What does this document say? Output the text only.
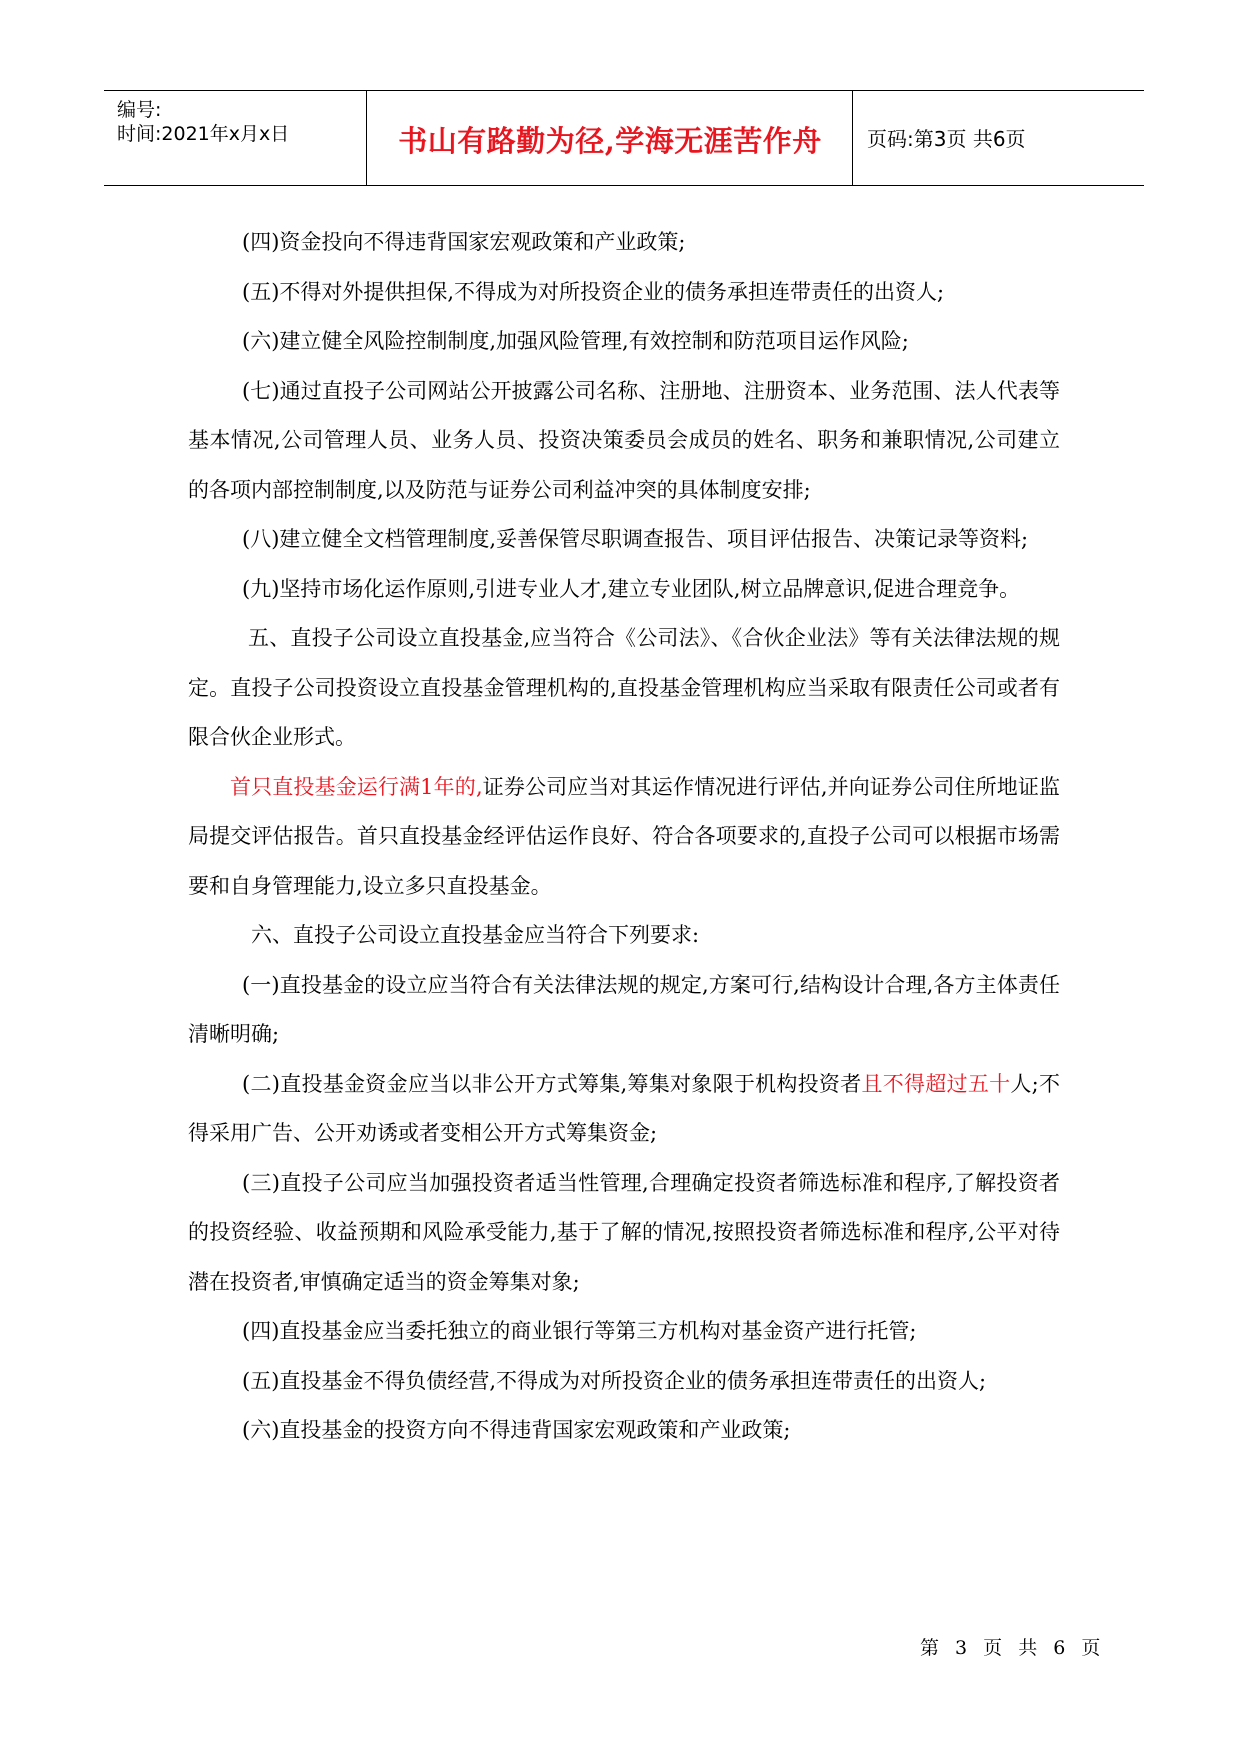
编号:
时间:2021年x月x日	书山有路勤为径,学海无涯苦作舟	页码:第3页 共6页

(四)资金投向不得违背国家宏观政策和产业政策;

(五)不得对外提供担保,不得成为对所投资企业的债务承担连带责任的出资人;

(六)建立健全风险控制制度,加强风险管理,有效控制和防范项目运作风险;

(七)通过直投子公司网站公开披露公司名称、注册地、注册资本、业务范围、法人代表等基本情况,公司管理人员、业务人员、投资决策委员会成员的姓名、职务和兼职情况,公司建立的各项内部控制制度,以及防范与证券公司利益冲突的具体制度安排;

(八)建立健全文档管理制度,妥善保管尽职调查报告、项目评估报告、决策记录等资料;

(九)坚持市场化运作原则,引进专业人才,建立专业团队,树立品牌意识,促进合理竞争。

五、直投子公司设立直投基金,应当符合《公司法》、《合伙企业法》等有关法律法规的规定。直投子公司投资设立直投基金管理机构的,直投基金管理机构应当采取有限责任公司或者有限合伙企业形式。

首只直投基金运行满1年的,证券公司应当对其运作情况进行评估,并向证券公司住所地证监局提交评估报告。首只直投基金经评估运作良好、符合各项要求的,直投子公司可以根据市场需要和自身管理能力,设立多只直投基金。

六、直投子公司设立直投基金应当符合下列要求:

(一)直投基金的设立应当符合有关法律法规的规定,方案可行,结构设计合理,各方主体责任清晰明确;

(二)直投基金资金应当以非公开方式筹集,筹集对象限于机构投资者且不得超过五十人;不得采用广告、公开劝诱或者变相公开方式筹集资金;

(三)直投子公司应当加强投资者适当性管理,合理确定投资者筛选标准和程序,了解投资者的投资经验、收益预期和风险承受能力,基于了解的情况,按照投资者筛选标准和程序,公平对待潜在投资者,审慎确定适当的资金筹集对象;

(四)直投基金应当委托独立的商业银行等第三方机构对基金资产进行托管;

(五)直投基金不得负债经营,不得成为对所投资企业的债务承担连带责任的出资人;

(六)直投基金的投资方向不得违背国家宏观政策和产业政策;

第 3 页 共 6 页
